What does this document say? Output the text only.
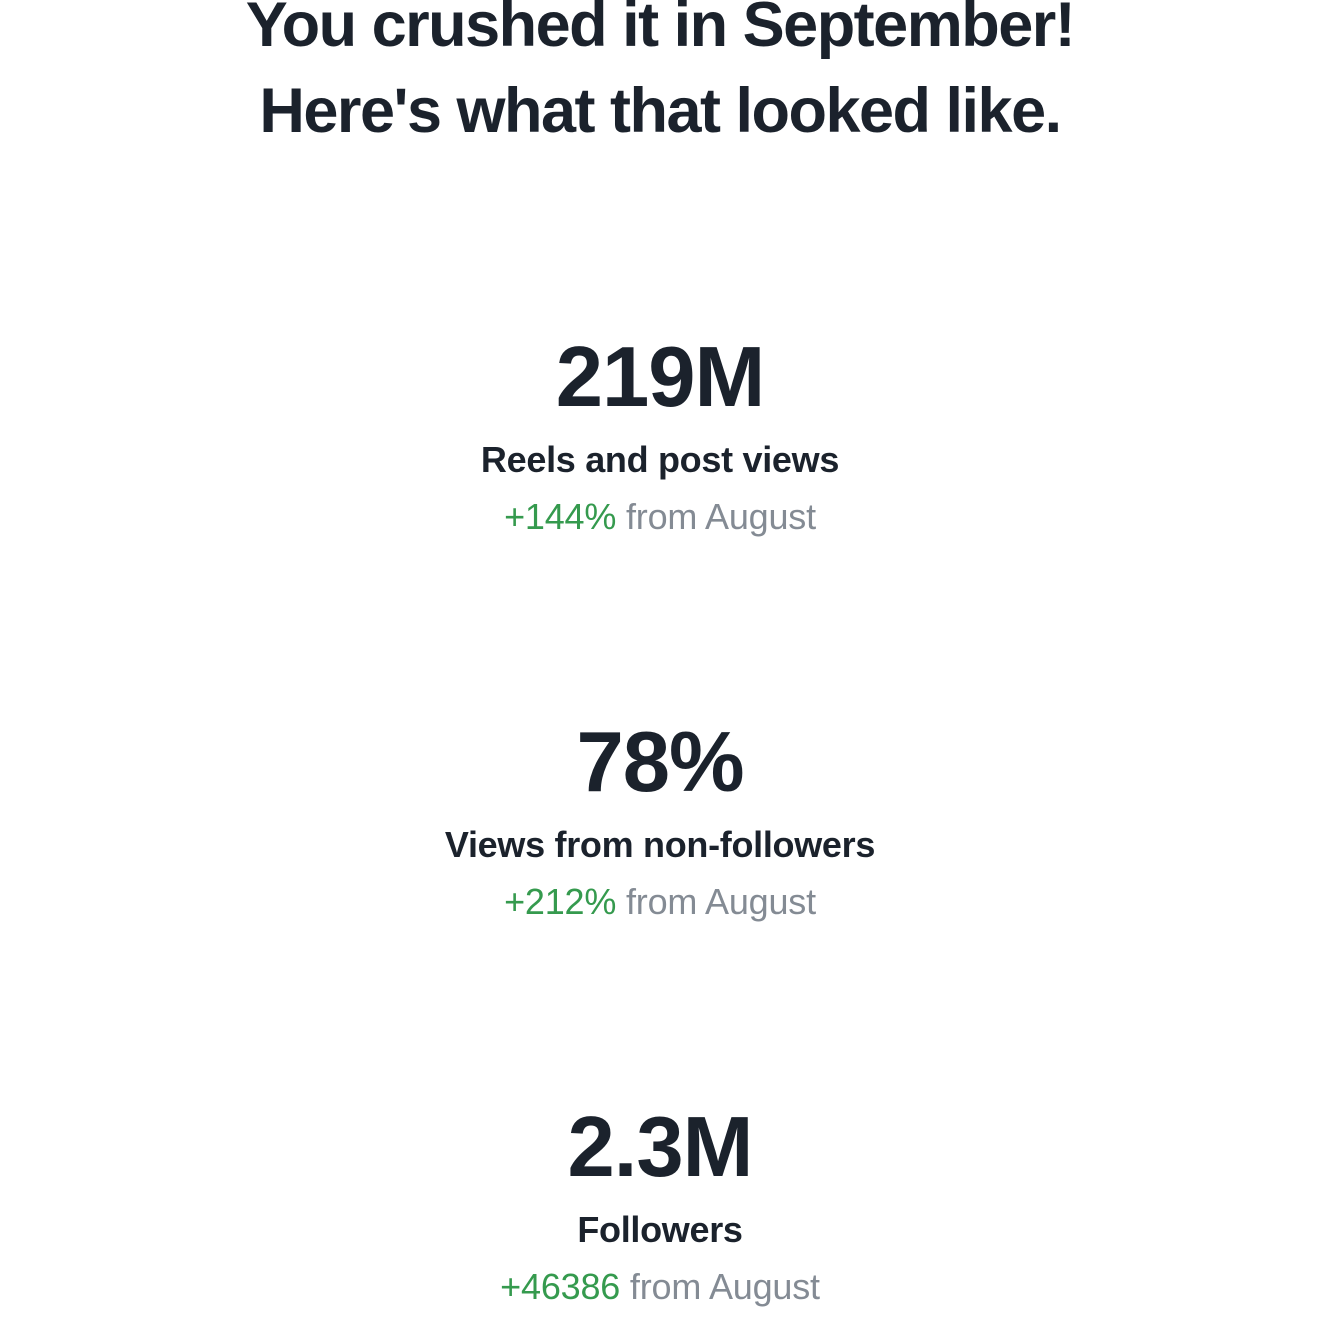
You crushed it in September!
Here's what that looked like.
219M
Reels and post views
+144% from August
78%
Views from non-followers
+212% from August
2.3M
Followers
+46386 from August
